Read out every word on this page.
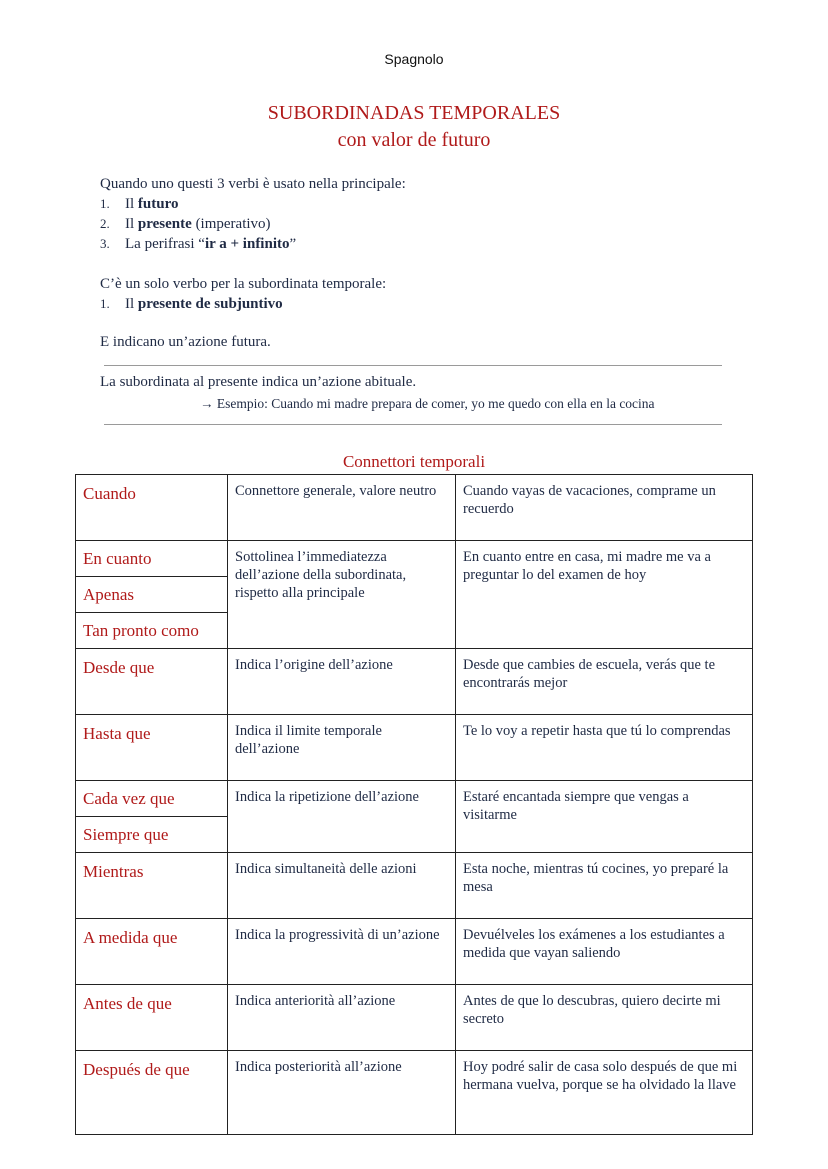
Spagnolo
SUBORDINADAS TEMPORALES
con valor de futuro
Quando uno questi 3 verbi è usato nella principale:
1. Il futuro
2. Il presente (imperativo)
3. La perifrasi “ir a + infinito”
C’è un solo verbo per la subordinata temporale:
1. Il presente de subjuntivo
E indicano un’azione futura.
La subordinata al presente indica un’azione abituale.
→ Esempio: Cuando mi madre prepara de comer, yo me quedo con ella en la cocina
Connettori temporali
Cuando	Connettore generale, valore neutro	Cuando vayas de vacaciones, comprame un recuerdo
En cuanto	Sottolinea l’immediatezza dell’azione della subordinata, rispetto alla principale	En cuanto entre en casa, mi madre me va a preguntar lo del examen de hoy
Apenas		
Tan pronto como		
Desde que	Indica l’origine dell’azione	Desde que cambies de escuela, verás que te encontrarás mejor
Hasta que	Indica il limite temporale dell’azione	Te lo voy a repetir hasta que tú lo comprendas
Cada vez que	Indica la ripetizione dell’azione	Estaré encantada siempre que vengas a visitarme
Siempre que		
Mientras	Indica simultaneità delle azioni	Esta noche, mientras tú cocines, yo preparé la mesa
A medida que	Indica la progressività di un’azione	Devuélveles los exámenes a los estudiantes a medida que vayan saliendo
Antes de que	Indica anteriorità all’azione	Antes de que lo descubras, quiero decirte mi secreto
Después de que	Indica posteriorità all’azione	Hoy podré salir de casa solo después de que mi hermana vuelva, porque se ha olvidado la llave
